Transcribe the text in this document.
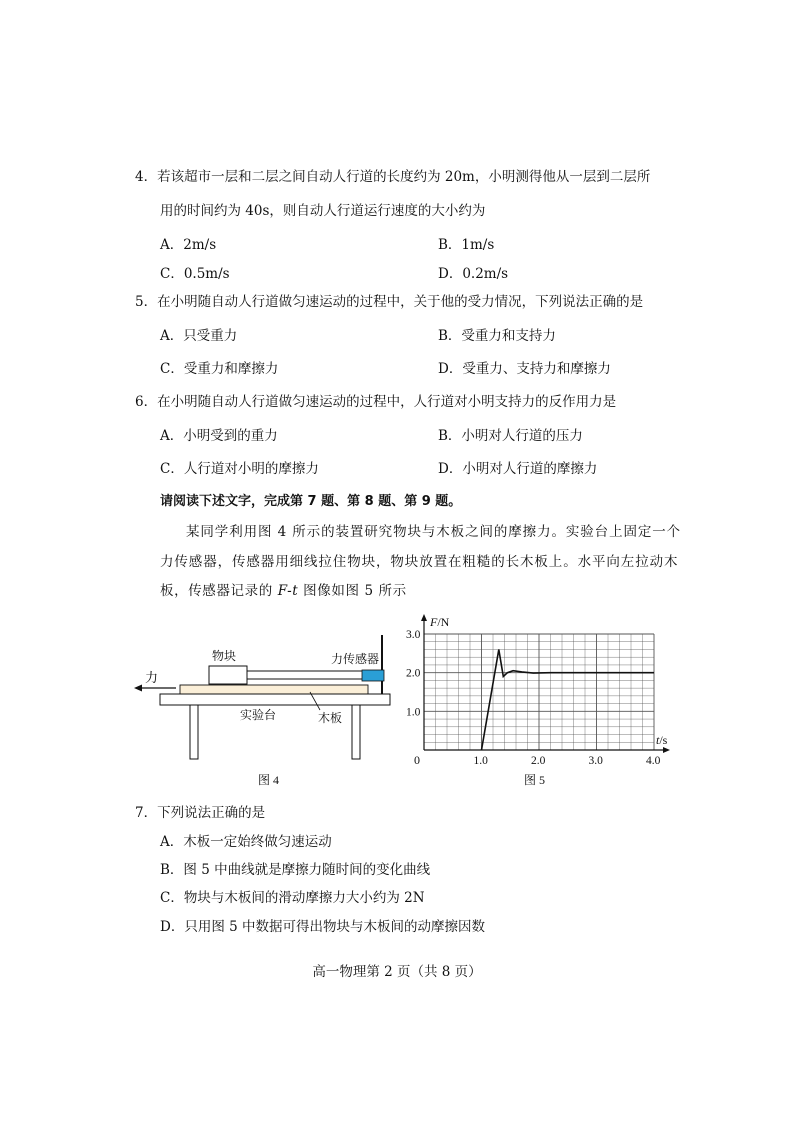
4．若该超市一层和二层之间自动人行道的长度约为 20m，小明测得他从一层到二层所
用的时间约为 40s，则自动人行道运行速度的大小约为
A．2m/s	B．1m/s
C．0.5m/s	D．0.2m/s
5．在小明随自动人行道做匀速运动的过程中，关于他的受力情况，下列说法正确的是
A．只受重力	B．受重力和支持力
C．受重力和摩擦力	D．受重力、支持力和摩擦力
6．在小明随自动人行道做匀速运动的过程中，人行道对小明支持力的反作用力是
A．小明受到的重力	B．小明对人行道的压力
C．人行道对小明的摩擦力	D．小明对人行道的摩擦力
请阅读下述文字，完成第 7 题、第 8 题、第 9 题。
某同学利用图 4 所示的装置研究物块与木板之间的摩擦力。实验台上固定一个
力传感器，传感器用细线拉住物块，物块放置在粗糙的长木板上。水平向左拉动木
板，传感器记录的 F-t 图像如图 5 所示
力
物块	力传感器
实验台	木板
图 4
1.0	2.0	3.0	4.0
1.0
2.0
3.0
F/N
t/s
0
图 5
7．下列说法正确的是
A．木板一定始终做匀速运动
B．图 5 中曲线就是摩擦力随时间的变化曲线
C．物块与木板间的滑动摩擦力大小约为 2N
D．只用图 5 中数据可得出物块与木板间的动摩擦因数
高一物理第 2 页（共 8 页）
